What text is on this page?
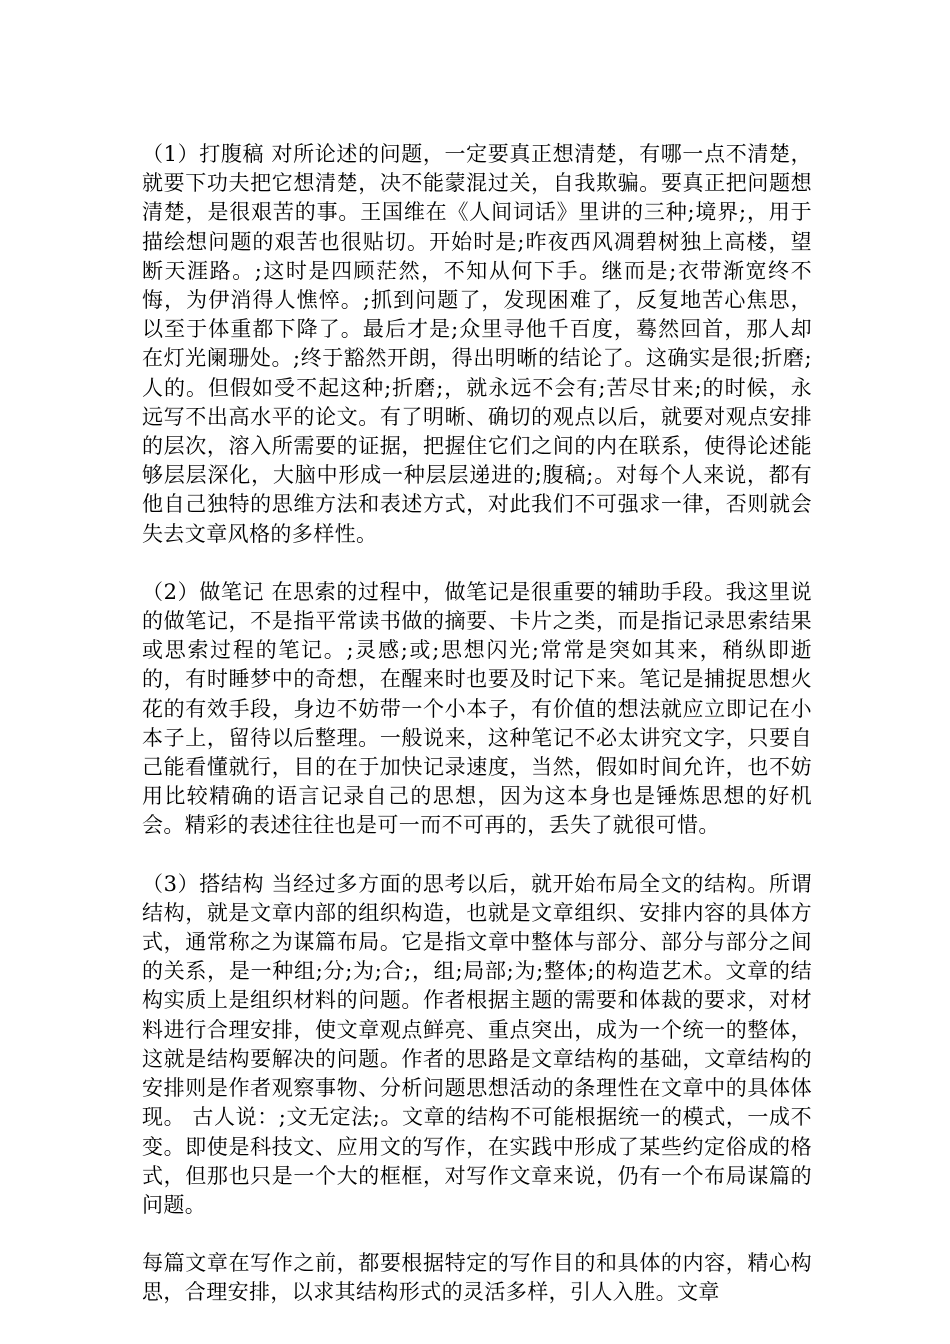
（1）打腹稿 对所论述的问题，一定要真正想清楚，有哪一点不清楚，就要下功夫把它想清楚，决不能蒙混过关，自我欺骗。要真正把问题想清楚，是很艰苦的事。王国维在《人间词话》里讲的三种;境界;，用于描绘想问题的艰苦也很贴切。开始时是;昨夜西风凋碧树独上高楼，望断天涯路。;这时是四顾茫然，不知从何下手。继而是;衣带渐宽终不悔，为伊消得人憔悴。;抓到问题了，发现困难了，反复地苦心焦思，以至于体重都下降了。最后才是;众里寻他千百度，蓦然回首，那人却在灯光阑珊处。;终于豁然开朗，得出明晰的结论了。这确实是很;折磨;人的。但假如受不起这种;折磨;，就永远不会有;苦尽甘来;的时候，永远写不出高水平的论文。有了明晰、确切的观点以后，就要对观点安排的层次，溶入所需要的证据，把握住它们之间的内在联系，使得论述能够层层深化，大脑中形成一种层层递进的;腹稿;。对每个人来说，都有他自己独特的思维方法和表述方式，对此我们不可强求一律，否则就会失去文章风格的多样性。

（2）做笔记 在思索的过程中，做笔记是很重要的辅助手段。我这里说的做笔记，不是指平常读书做的摘要、卡片之类，而是指记录思索结果或思索过程的笔记。;灵感;或;思想闪光;常常是突如其来，稍纵即逝的，有时睡梦中的奇想，在醒来时也要及时记下来。笔记是捕捉思想火花的有效手段，身边不妨带一个小本子，有价值的想法就应立即记在小本子上，留待以后整理。一般说来，这种笔记不必太讲究文字，只要自己能看懂就行，目的在于加快记录速度，当然，假如时间允许，也不妨用比较精确的语言记录自己的思想，因为这本身也是锤炼思想的好机会。精彩的表述往往也是可一而不可再的，丢失了就很可惜。

（3）搭结构 当经过多方面的思考以后，就开始布局全文的结构。所谓结构，就是文章内部的组织构造，也就是文章组织、安排内容的具体方式，通常称之为谋篇布局。它是指文章中整体与部分、部分与部分之间的关系，是一种组;分;为;合;，组;局部;为;整体;的构造艺术。文章的结构实质上是组织材料的问题。作者根据主题的需要和体裁的要求，对材料进行合理安排，使文章观点鲜亮、重点突出，成为一个统一的整体，这就是结构要解决的问题。作者的思路是文章结构的基础，文章结构的安排则是作者观察事物、分析问题思想活动的条理性在文章中的具体体现。 古人说：;文无定法;。文章的结构不可能根据统一的模式，一成不变。即使是科技文、应用文的写作，在实践中形成了某些约定俗成的格式，但那也只是一个大的框框，对写作文章来说，仍有一个布局谋篇的问题。

每篇文章在写作之前，都要根据特定的写作目的和具体的内容，精心构思，合理安排，以求其结构形式的灵活多样，引人入胜。文章
